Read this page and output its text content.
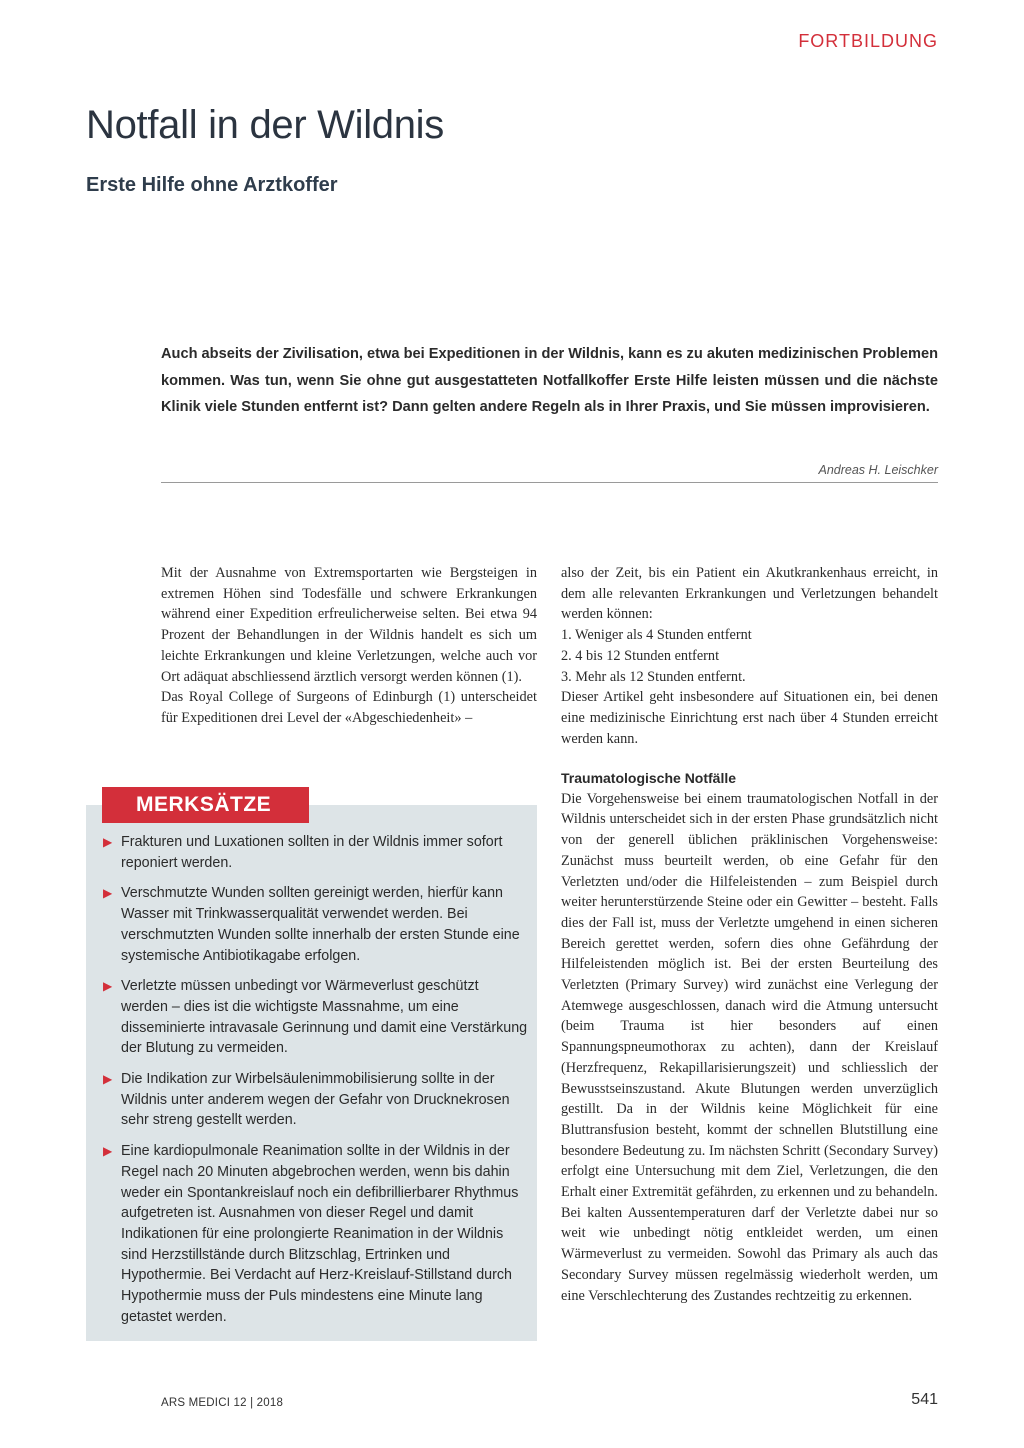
FORTBILDUNG
Notfall in der Wildnis
Erste Hilfe ohne Arztkoffer

Auch abseits der Zivilisation, etwa bei Expeditionen in der Wildnis, kann es zu akuten medizinischen Problemen kommen. Was tun, wenn Sie ohne gut ausgestatteten Notfallkoffer Erste Hilfe leisten müssen und die nächste Klinik viele Stunden entfernt ist? Dann gelten andere Regeln als in Ihrer Praxis, und Sie müssen improvisieren.

Andreas H. Leischker

Mit der Ausnahme von Extremsportarten wie Bergsteigen in extremen Höhen sind Todesfälle und schwere Erkrankungen während einer Expedition erfreulicherweise selten. Bei etwa 94 Prozent der Behandlungen in der Wildnis handelt es sich um leichte Erkrankungen und kleine Verletzungen, welche auch vor Ort adäquat abschliessend ärztlich versorgt werden können (1).

Das Royal College of Surgeons of Edinburgh (1) unterscheidet für Expeditionen drei Level der «Abgeschiedenheit» –

also der Zeit, bis ein Patient ein Akutkrankenhaus erreicht, in dem alle relevanten Erkrankungen und Verletzungen behandelt werden können:

1. Weniger als 4 Stunden entfernt

2. 4 bis 12 Stunden entfernt

3. Mehr als 12 Stunden entfernt.

Dieser Artikel geht insbesondere auf Situationen ein, bei denen eine medizinische Einrichtung erst nach über 4 Stunden erreicht werden kann.

Traumatologische Notfälle

Die Vorgehensweise bei einem traumatologischen Notfall in der Wildnis unterscheidet sich in der ersten Phase grundsätzlich nicht von der generell üblichen präklinischen Vorgehensweise: Zunächst muss beurteilt werden, ob eine Gefahr für den Verletzten und/oder die Hilfeleistenden – zum Beispiel durch weiter herunterstürzende Steine oder ein Gewitter – besteht. Falls dies der Fall ist, muss der Verletzte umgehend in einen sicheren Bereich gerettet werden, sofern dies ohne Gefährdung der Hilfeleistenden möglich ist. Bei der ersten Beurteilung des Verletzten (Primary Survey) wird zunächst eine Verlegung der Atemwege ausgeschlossen, danach wird die Atmung untersucht (beim Trauma ist hier besonders auf einen Spannungspneumothorax zu achten), dann der Kreislauf (Herzfrequenz, Rekapillarisierungszeit) und schliesslich der Bewusstseinszustand. Akute Blutungen werden unverzüglich gestillt. Da in der Wildnis keine Möglichkeit für eine Bluttransfusion besteht, kommt der schnellen Blutstillung eine besondere Bedeutung zu. Im nächsten Schritt (Secondary Survey) erfolgt eine Untersuchung mit dem Ziel, Verletzungen, die den Erhalt einer Extremität gefährden, zu erkennen und zu behandeln. Bei kalten Aussentemperaturen darf der Verletzte dabei nur so weit wie unbedingt nötig entkleidet werden, um einen Wärmeverlust zu vermeiden. Sowohl das Primary als auch das Secondary Survey müssen regelmässig wiederholt werden, um eine Verschlechterung des Zustandes rechtzeitig zu erkennen.

MERKSÄTZE
▶ Frakturen und Luxationen sollten in der Wildnis immer sofort reponiert werden.
▶ Verschmutzte Wunden sollten gereinigt werden, hierfür kann Wasser mit Trinkwasserqualität verwendet werden. Bei verschmutzten Wunden sollte innerhalb der ersten Stunde eine systemische Antibiotikagabe erfolgen.
▶ Verletzte müssen unbedingt vor Wärmeverlust geschützt werden – dies ist die wichtigste Massnahme, um eine disseminierte intravasale Gerinnung und damit eine Verstärkung der Blutung zu vermeiden.
▶ Die Indikation zur Wirbelsäulenimmobilisierung sollte in der Wildnis unter anderem wegen der Gefahr von Drucknekrosen sehr streng gestellt werden.
▶ Eine kardiopulmonale Reanimation sollte in der Wildnis in der Regel nach 20 Minuten abgebrochen werden, wenn bis dahin weder ein Spontankreislauf noch ein defibrillierbarer Rhythmus aufgetreten ist. Ausnahmen von dieser Regel und damit Indikationen für eine prolongierte Reanimation in der Wildnis sind Herzstillstände durch Blitzschlag, Ertrinken und Hypothermie. Bei Verdacht auf Herz-Kreislauf-Stillstand durch Hypothermie muss der Puls mindestens eine Minute lang getastet werden.
ARS MEDICI 12 | 2018	541
